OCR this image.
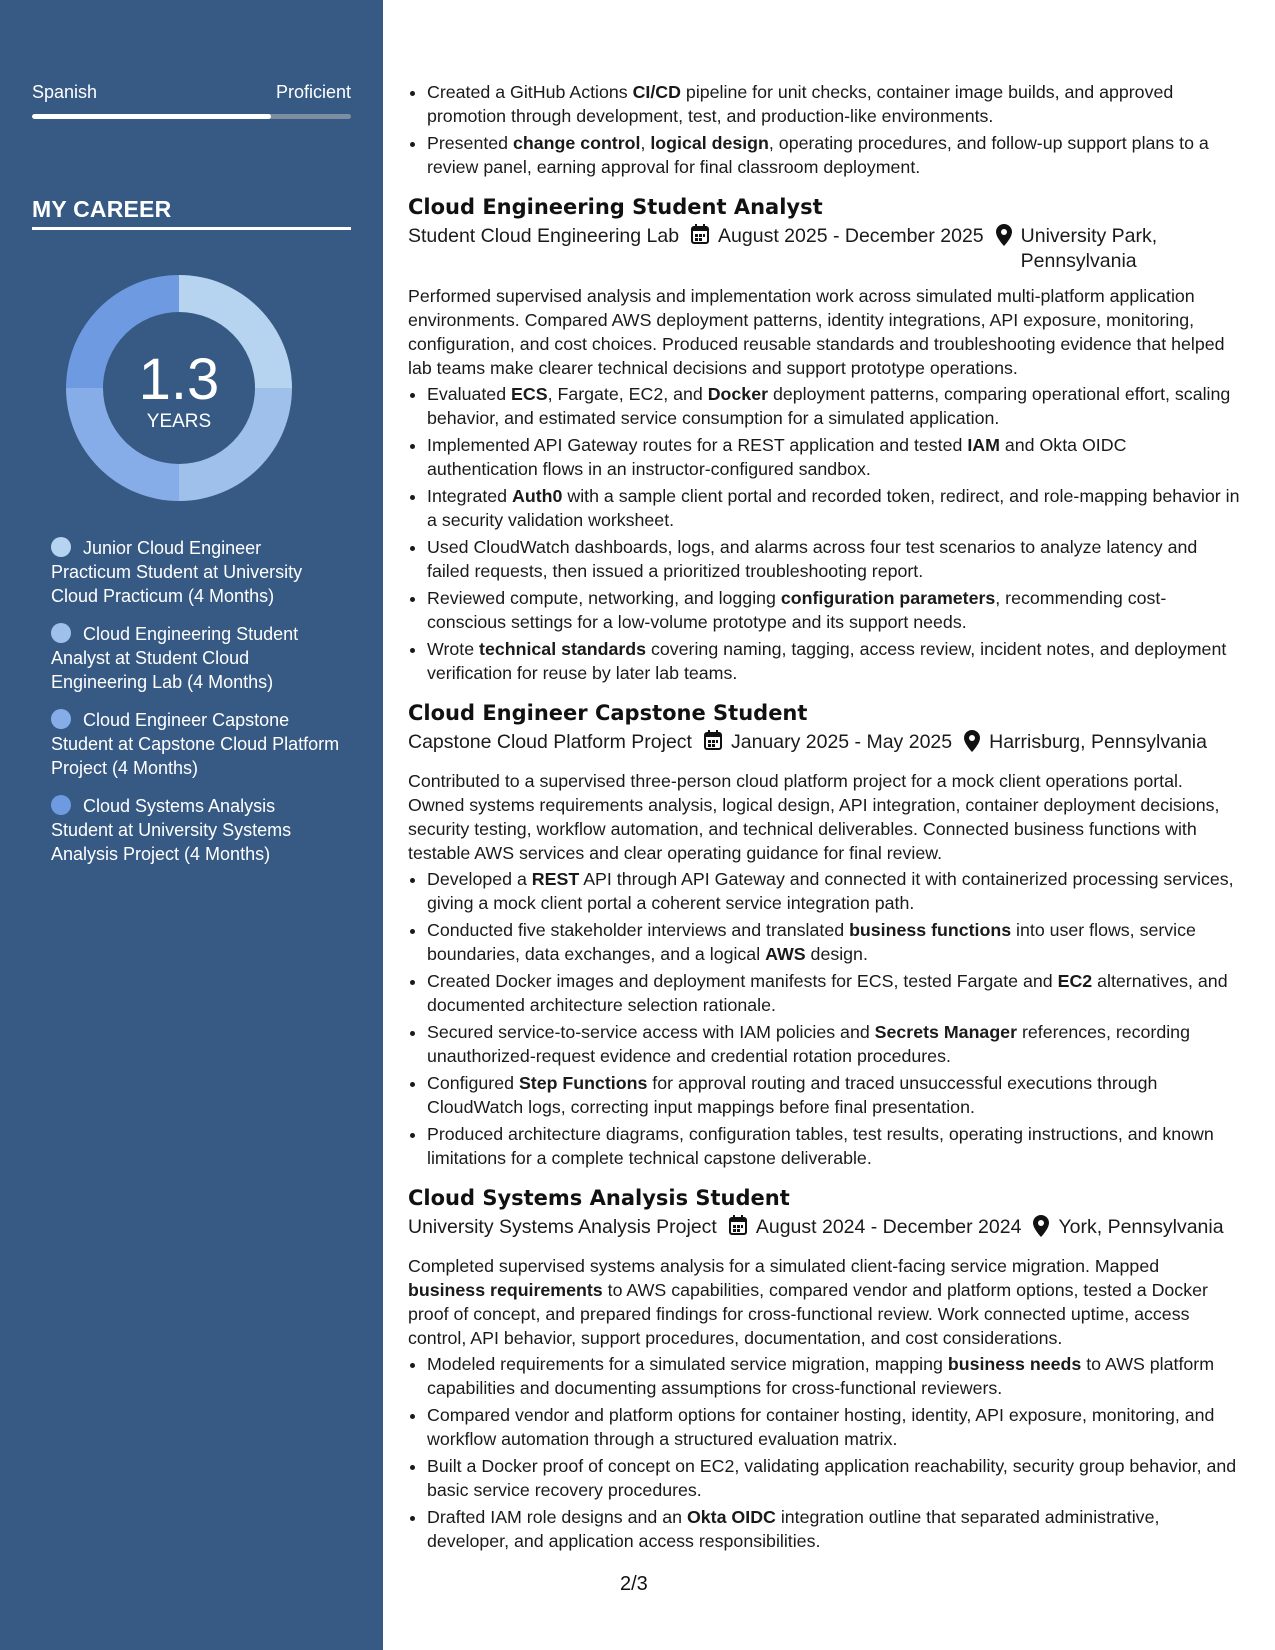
Spanish	Proficient
MY CAREER
1.3
YEARS
Junior Cloud Engineer Practicum Student at University Cloud Practicum (4 Months)
Cloud Engineering Student Analyst at Student Cloud Engineering Lab (4 Months)
Cloud Engineer Capstone Student at Capstone Cloud Platform Project (4 Months)
Cloud Systems Analysis Student at University Systems Analysis Project (4 Months)
• Created a GitHub Actions CI/CD pipeline for unit checks, container image builds, and approved promotion through development, test, and production-like environments.
• Presented change control, logical design, operating procedures, and follow-up support plans to a review panel, earning approval for final classroom deployment.
Cloud Engineering Student Analyst
Student Cloud Engineering Lab August 2025 - December 2025 University Park, Pennsylvania

Performed supervised analysis and implementation work across simulated multi-platform application environments. Compared AWS deployment patterns, identity integrations, API exposure, monitoring, configuration, and cost choices. Produced reusable standards and troubleshooting evidence that helped lab teams make clearer technical decisions and support prototype operations.

• Evaluated ECS, Fargate, EC2, and Docker deployment patterns, comparing operational effort, scaling behavior, and estimated service consumption for a simulated application.
• Implemented API Gateway routes for a REST application and tested IAM and Okta OIDC authentication flows in an instructor-configured sandbox.
• Integrated Auth0 with a sample client portal and recorded token, redirect, and role-mapping behavior in a security validation worksheet.
• Used CloudWatch dashboards, logs, and alarms across four test scenarios to analyze latency and failed requests, then issued a prioritized troubleshooting report.
• Reviewed compute, networking, and logging configuration parameters, recommending cost-conscious settings for a low-volume prototype and its support needs.
• Wrote technical standards covering naming, tagging, access review, incident notes, and deployment verification for reuse by later lab teams.
Cloud Engineer Capstone Student
Capstone Cloud Platform Project January 2025 - May 2025 Harrisburg, Pennsylvania

Contributed to a supervised three-person cloud platform project for a mock client operations portal. Owned systems requirements analysis, logical design, API integration, container deployment decisions, security testing, workflow automation, and technical deliverables. Connected business functions with testable AWS services and clear operating guidance for final review.

• Developed a REST API through API Gateway and connected it with containerized processing services, giving a mock client portal a coherent service integration path.
• Conducted five stakeholder interviews and translated business functions into user flows, service boundaries, data exchanges, and a logical AWS design.
• Created Docker images and deployment manifests for ECS, tested Fargate and EC2 alternatives, and documented architecture selection rationale.
• Secured service-to-service access with IAM policies and Secrets Manager references, recording unauthorized-request evidence and credential rotation procedures.
• Configured Step Functions for approval routing and traced unsuccessful executions through CloudWatch logs, correcting input mappings before final presentation.
• Produced architecture diagrams, configuration tables, test results, operating instructions, and known limitations for a complete technical capstone deliverable.
Cloud Systems Analysis Student
University Systems Analysis Project August 2024 - December 2024 York, Pennsylvania

Completed supervised systems analysis for a simulated client-facing service migration. Mapped business requirements to AWS capabilities, compared vendor and platform options, tested a Docker proof of concept, and prepared findings for cross-functional review. Work connected uptime, access control, API behavior, support procedures, documentation, and cost considerations.

• Modeled requirements for a simulated service migration, mapping business needs to AWS platform capabilities and documenting assumptions for cross-functional reviewers.
• Compared vendor and platform options for container hosting, identity, API exposure, monitoring, and workflow automation through a structured evaluation matrix.
• Built a Docker proof of concept on EC2, validating application reachability, security group behavior, and basic service recovery procedures.
• Drafted IAM role designs and an Okta OIDC integration outline that separated administrative, developer, and application access responsibilities.
2/3
